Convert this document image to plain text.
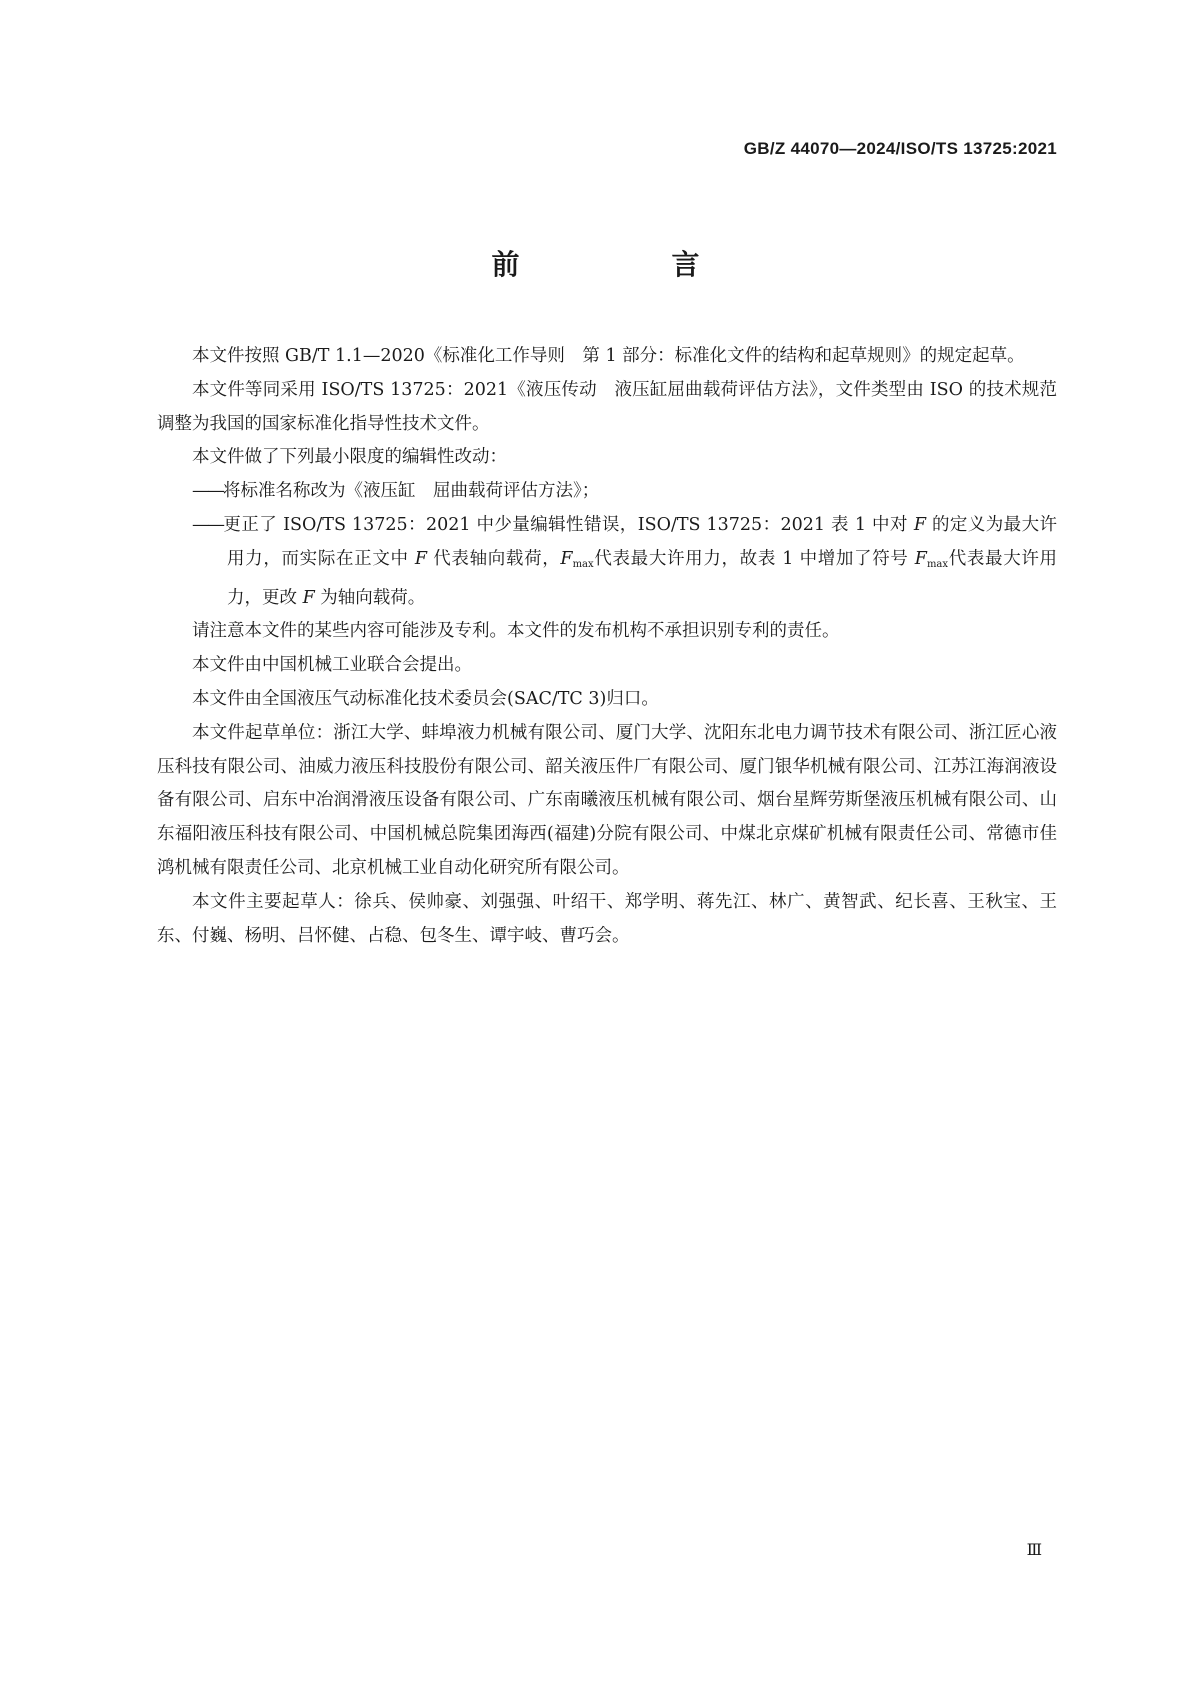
GB/Z 44070—2024/ISO/TS 13725:2021
前　言

本文件按照 GB/T 1.1—2020《标准化工作导则　第 1 部分：标准化文件的结构和起草规则》的规定起草。

本文件等同采用 ISO/TS 13725：2021《液压传动　液压缸屈曲载荷评估方法》，文件类型由 ISO 的技术规范调整为我国的国家标准化指导性技术文件。

本文件做了下列最小限度的编辑性改动：

——将标准名称改为《液压缸　屈曲载荷评估方法》；

——更正了 ISO/TS 13725：2021 中少量编辑性错误，ISO/TS 13725：2021 表 1 中对 F 的定义为最大许用力，而实际在正文中 F 代表轴向载荷，$F_{max}$代表最大许用力，故表 1 中增加了符号 $F_{max}$代表最大许用力，更改 F 为轴向载荷。

请注意本文件的某些内容可能涉及专利。本文件的发布机构不承担识别专利的责任。

本文件由中国机械工业联合会提出。

本文件由全国液压气动标准化技术委员会(SAC/TC 3)归口。

本文件起草单位：浙江大学、蚌埠液力机械有限公司、厦门大学、沈阳东北电力调节技术有限公司、浙江匠心液压科技有限公司、油威力液压科技股份有限公司、韶关液压件厂有限公司、厦门银华机械有限公司、江苏江海润液设备有限公司、启东中冶润滑液压设备有限公司、广东南曦液压机械有限公司、烟台星辉劳斯堡液压机械有限公司、山东福阳液压科技有限公司、中国机械总院集团海西(福建)分院有限公司、中煤北京煤矿机械有限责任公司、常德市佳鸿机械有限责任公司、北京机械工业自动化研究所有限公司。

本文件主要起草人：徐兵、侯帅豪、刘强强、叶绍干、郑学明、蒋先江、林广、黄智武、纪长喜、王秋宝、王东、付巍、杨明、吕怀健、占稳、包冬生、谭宇岐、曹巧会。

Ⅲ
